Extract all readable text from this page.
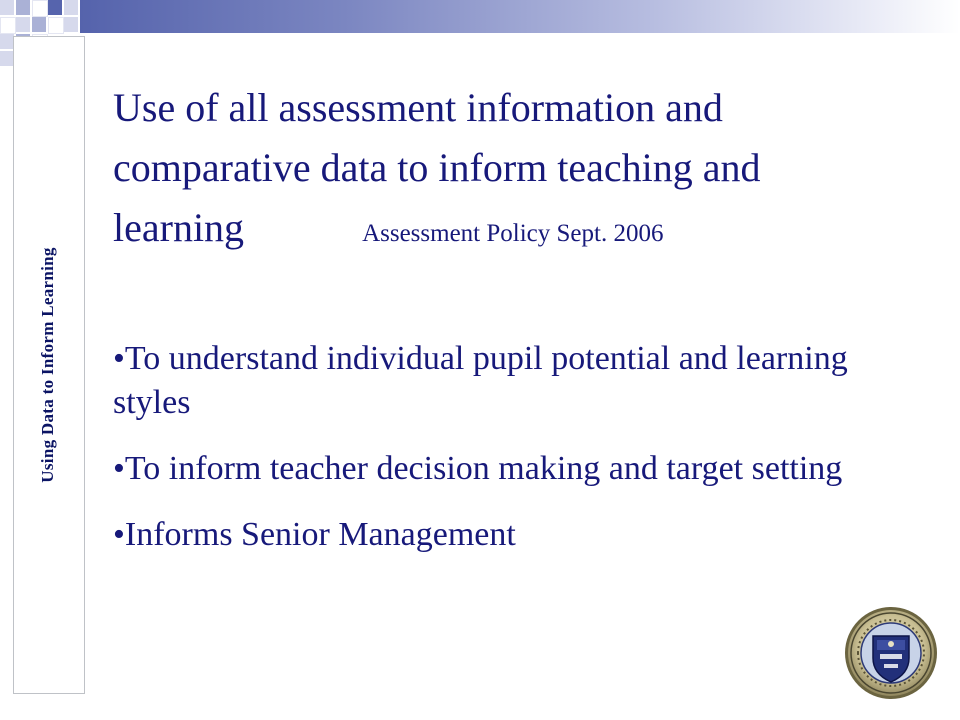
Using Data to Inform Learning
Use of all assessment information and
comparative data to inform teaching and
learning	Assessment Policy Sept. 2006
•To understand individual pupil potential and learning styles
•To inform teacher decision making and target setting
•Informs Senior Management
